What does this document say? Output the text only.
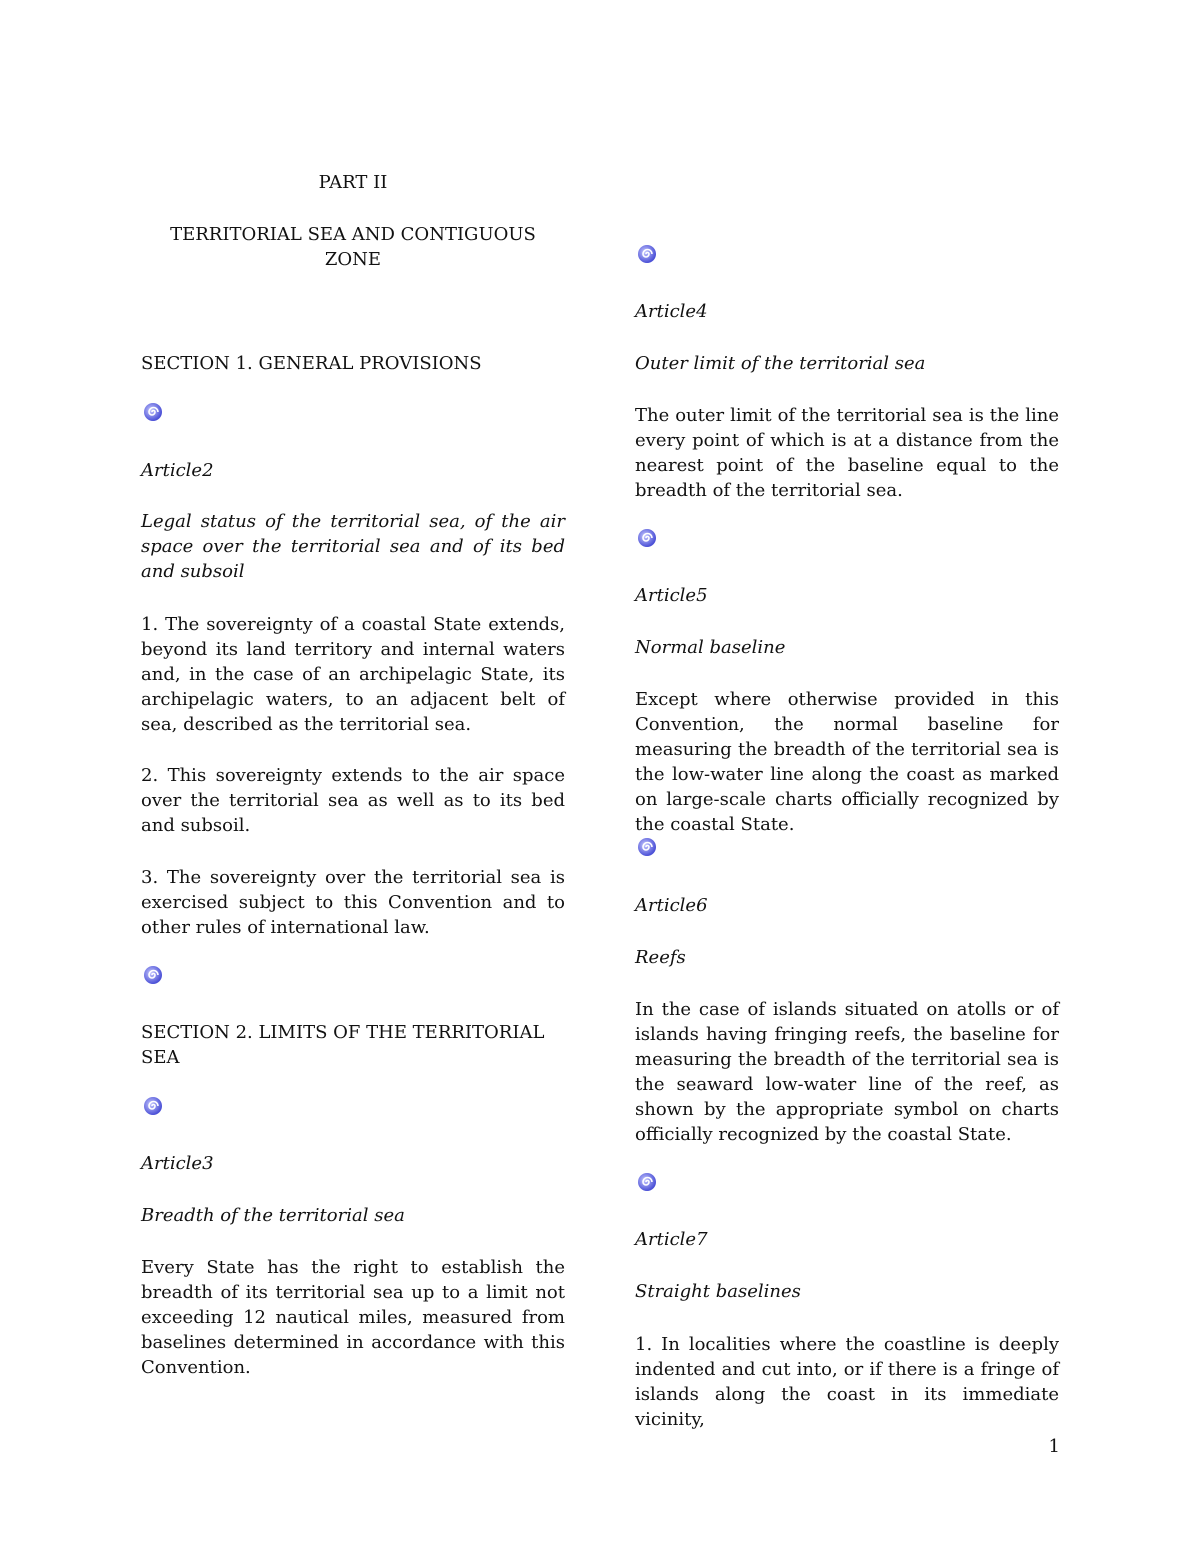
PART II

TERRITORIAL SEA AND CONTIGUOUS ZONE

SECTION 1. GENERAL PROVISIONS

Article2

Legal status of the territorial sea, of the air space over the territorial sea and of its bed and subsoil

1. The sovereignty of a coastal State extends, beyond its land territory and internal waters and, in the case of an archipelagic State, its archipelagic waters, to an adjacent belt of sea, described as the territorial sea.

2. This sovereignty extends to the air space over the territorial sea as well as to its bed and subsoil.

3. The sovereignty over the territorial sea is exercised subject to this Convention and to other rules of international law.

SECTION 2. LIMITS OF THE TERRITORIAL SEA

Article3

Breadth of the territorial sea

Every State has the right to establish the breadth of its territorial sea up to a limit not exceeding 12 nautical miles, measured from baselines determined in accordance with this Convention.

Article4

Outer limit of the territorial sea

The outer limit of the territorial sea is the line every point of which is at a distance from the nearest point of the baseline equal to the breadth of the territorial sea.

Article5

Normal baseline

Except where otherwise provided in this Convention, the normal baseline for measuring the breadth of the territorial sea is the low-water line along the coast as marked on large-scale charts officially recognized by the coastal State.

Article6

Reefs

In the case of islands situated on atolls or of islands having fringing reefs, the baseline for measuring the breadth of the territorial sea is the seaward low-water line of the reef, as shown by the appropriate symbol on charts officially recognized by the coastal State.

Article7

Straight baselines

1. In localities where the coastline is deeply indented and cut into, or if there is a fringe of islands along the coast in its immediate vicinity,

1
